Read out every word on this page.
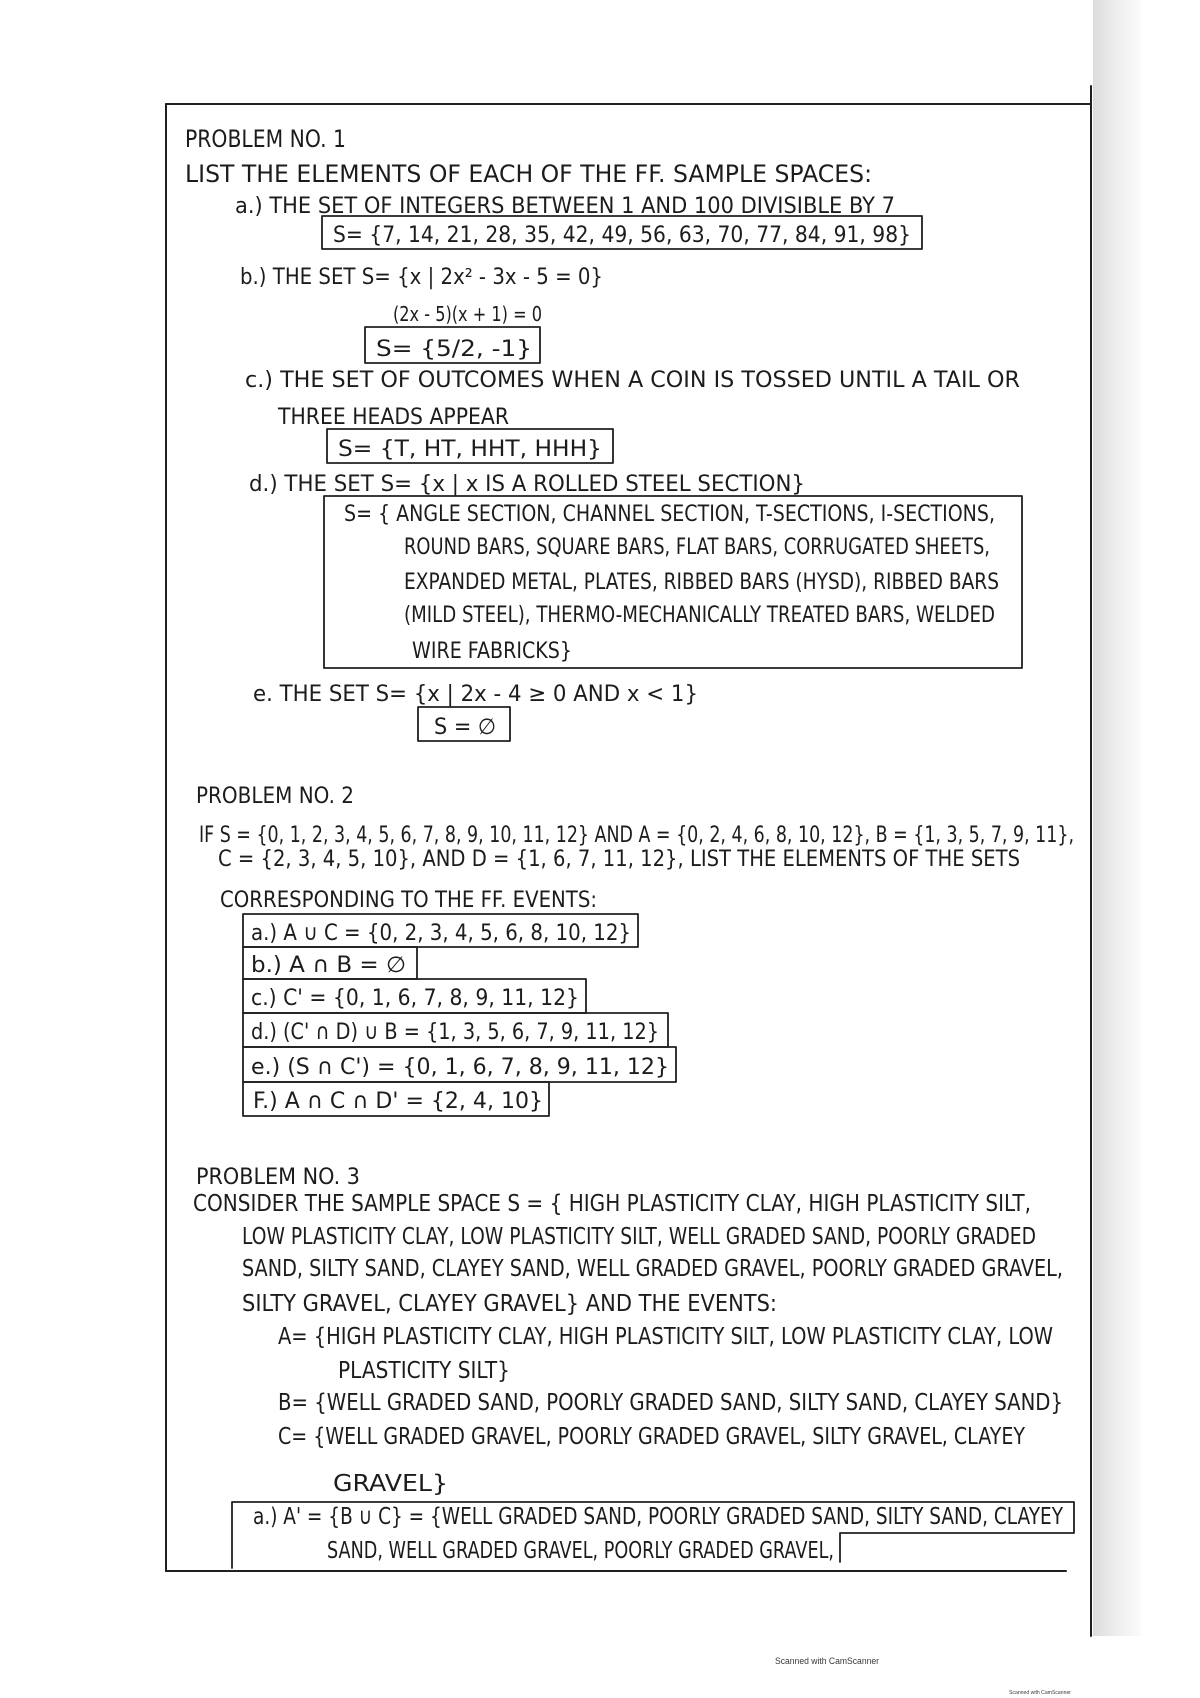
PROBLEM NO. 1
LIST THE ELEMENTS OF EACH OF THE FF. SAMPLE SPACES:
a.) THE SET OF INTEGERS BETWEEN 1 AND 100 DIVISIBLE BY 7
S= {7, 14, 21, 28, 35, 42, 49, 56, 63, 70, 77, 84, 91, 98}
b.) THE SET S= {x | 2x² - 3x - 5 = 0}
(2x - 5)(x + 1) = 0
S= {5/2, -1}
c.) THE SET OF OUTCOMES WHEN A COIN IS TOSSED UNTIL A TAIL OR
THREE HEADS APPEAR
S= {T, HT, HHT, HHH}
d.) THE SET S= {x | x IS A ROLLED STEEL SECTION}
S= { ANGLE SECTION, CHANNEL SECTION, T-SECTIONS, I-SECTIONS,
ROUND BARS, SQUARE BARS, FLAT BARS, CORRUGATED SHEETS,
EXPANDED METAL, PLATES, RIBBED BARS (HYSD), RIBBED BARS
(MILD STEEL), THERMO-MECHANICALLY TREATED BARS, WELDED
WIRE FABRICKS}
e. THE SET S= {x | 2x - 4 ≥ 0 AND x < 1}
S = ∅
PROBLEM NO. 2
IF S = {0, 1, 2, 3, 4, 5, 6, 7, 8, 9, 10, 11, 12} AND A = {0, 2, 4, 6, 8, 10, 12}, B = {1, 3, 5, 7, 9, 11},
C = {2, 3, 4, 5, 10}, AND D = {1, 6, 7, 11, 12}, LIST THE ELEMENTS OF THE SETS
CORRESPONDING TO THE FF. EVENTS:
a.) A ∪ C = {0, 2, 3, 4, 5, 6, 8, 10, 12}
b.) A ∩ B = ∅
c.) C' = {0, 1, 6, 7, 8, 9, 11, 12}
d.) (C' ∩ D) ∪ B = {1, 3, 5, 6, 7, 9, 11, 12}
e.) (S ∩ C') = {0, 1, 6, 7, 8, 9, 11, 12}
F.) A ∩ C ∩ D' = {2, 4, 10}
PROBLEM NO. 3
CONSIDER THE SAMPLE SPACE S = { HIGH PLASTICITY CLAY, HIGH PLASTICITY SILT,
LOW PLASTICITY CLAY, LOW PLASTICITY SILT, WELL GRADED SAND, POORLY GRADED
SAND, SILTY SAND, CLAYEY SAND, WELL GRADED GRAVEL, POORLY GRADED GRAVEL,
SILTY GRAVEL, CLAYEY GRAVEL} AND THE EVENTS:
A= {HIGH PLASTICITY CLAY, HIGH PLASTICITY SILT, LOW PLASTICITY CLAY, LOW
PLASTICITY SILT}
B= {WELL GRADED SAND, POORLY GRADED SAND, SILTY SAND, CLAYEY SAND}
C= {WELL GRADED GRAVEL, POORLY GRADED GRAVEL, SILTY GRAVEL, CLAYEY
GRAVEL}
a.) A' = {B ∪ C} = {WELL GRADED SAND, POORLY GRADED SAND, SILTY SAND, CLAYEY
SAND, WELL GRADED GRAVEL, POORLY GRADED GRAVEL,
Scanned with CamScanner
Scanned with CamScanner
